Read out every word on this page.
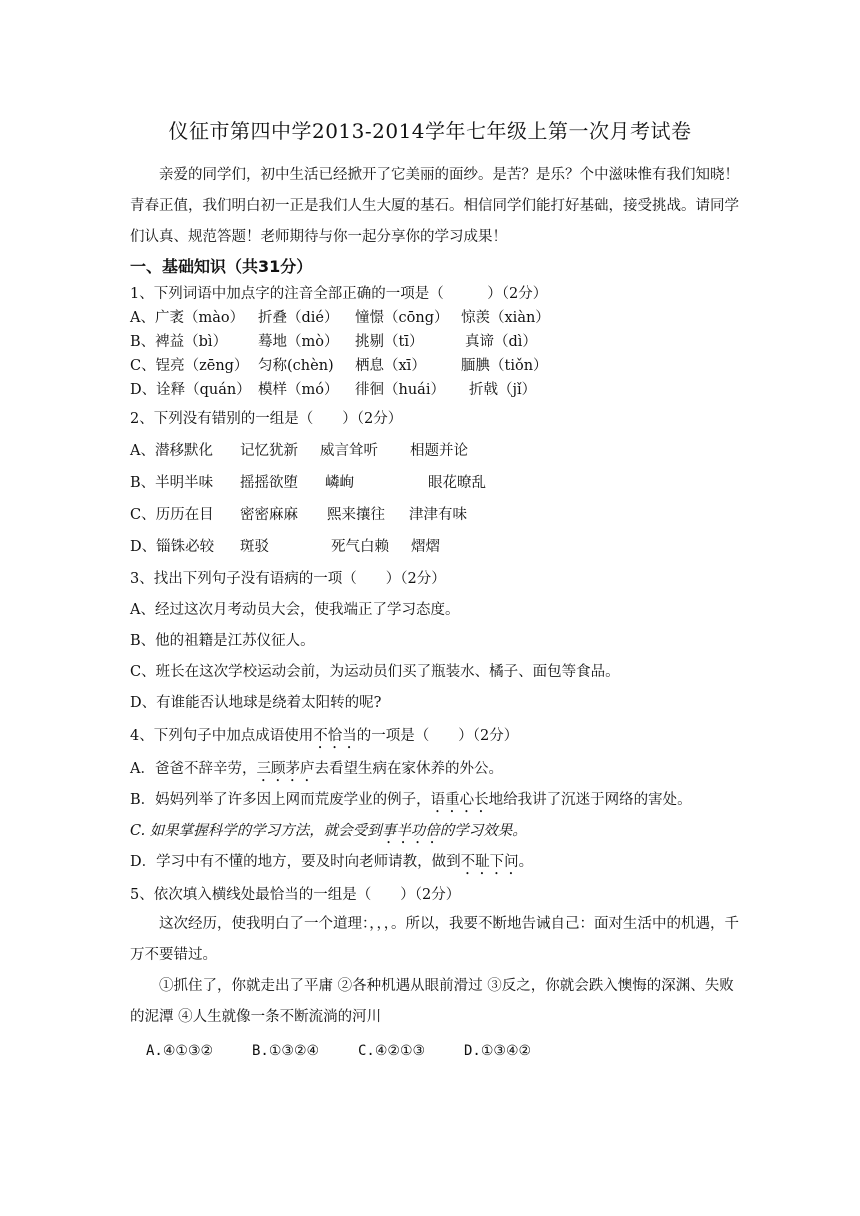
仪征市第四中学2013-2014学年七年级上第一次月考试卷

亲爱的同学们，初中生活已经掀开了它美丽的面纱。是苦？是乐？个中滋味惟有我们知晓！青春正值，我们明白初一正是我们人生大厦的基石。相信同学们能打好基础，接受挑战。请同学们认真、规范答题！老师期待与你一起分享你的学习成果！

一、基础知识（共31分）
1、下列词语中加点字的注音全部正确的一项是（　　　）（2分）
A、广袤（mào） 折叠（dié） 憧憬（cōng） 惊羡（xiàn）
B、裨益（bì） 蓦地（mò） 挑剔（tī）	真谛（dì）
C、锃亮（zēng） 匀称(chèn) 栖息（xī） 腼腆（tiǒn）
D、诠释（quán） 模样（mó） 徘徊（huái） 折戟（jǐ）
2、下列没有错别的一组是（　　）（2分）
A、潜移默化 记忆犹新 威言耸听 相题并论
B、半明半味 摇摇欲堕 嶙峋	眼花暸乱
C、历历在目 密密麻麻 熙来攘往 津津有味
D、锱铢必较 斑驳	死气白赖 熠熠
3、找出下列句子没有语病的一项（　　）（2分）
A、经过这次月考动员大会，使我端正了学习态度。
B、他的祖籍是江苏仪征人。
C、班长在这次学校运动会前，为运动员们买了瓶装水、橘子、面包等食品。
D、有谁能否认地球是绕着太阳转的呢?
4、下列句子中加点成语使用不恰当的一项是（　　）（2分）
A．爸爸不辞辛劳，三顾茅庐去看望生病在家休养的外公。
B．妈妈列举了许多因上网而荒废学业的例子，语重心长地给我讲了沉迷于网络的害处。
C. 如果掌握科学的学习方法，就会受到事半功倍的学习效果。
D．学习中有不懂的地方，要及时向老师请教，做到不耻下问。
5、依次填入横线处最恰当的一组是（　　）（2分）

这次经历，使我明白了一个道理：，，，。所以，我要不断地告诫自己：面对生活中的机遇，千万不要错过。

①抓住了，你就走出了平庸 ②各种机遇从眼前滑过 ③反之，你就会跌入懊悔的深渊、失败的泥潭 ④人生就像一条不断流淌的河川

A.④①③②	B.①③②④	C.④②①③	D.①③④②
